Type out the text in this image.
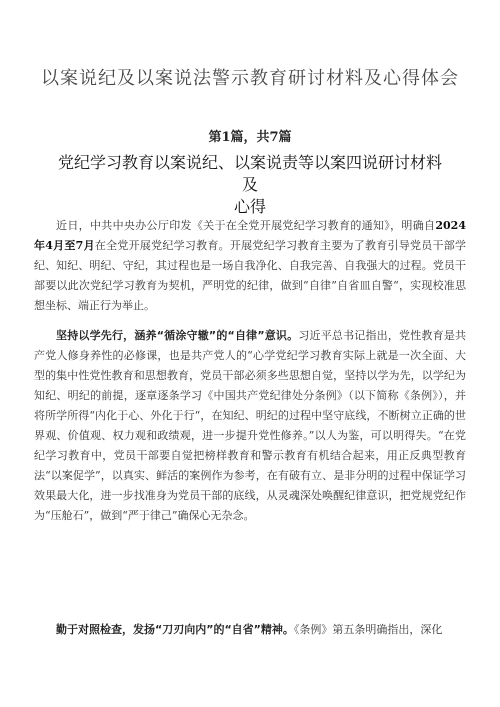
以案说纪及以案说法警示教育研讨材料及心得体会
第1篇，共7篇
党纪学习教育以案说纪、以案说责等以案四说研讨材料及
心得

近日，中共中央办公厅印发《关于在全党开展党纪学习教育的通知》，明确自2024年4月至7月在全党开展党纪学习教育。开展党纪学习教育主要为了教育引导党员干部学纪、知纪、明纪、守纪，其过程也是一场自我净化、自我完善、自我强大的过程。党员干部要以此次党纪学习教育为契机，严明党的纪律，做到“自律”自省皿自警“，实现校准思想坐标、端正行为举止。

坚持以学先行，涵养“循涂守辙”的“自律”意识。习近平总书记指出，党性教育是共产党人修身养性的必修课，也是共产党人的“心学党纪学习教育实际上就是一次全面、大型的集中性党性教育和思想教育，党员干部必须多些思想自觉，坚持以学为先，以学纪为知纪、明纪的前提，逐章逐条学习《中国共产党纪律处分条例》（以下简称《条例》），并将所学所得“内化于心、外化于行“，在知纪、明纪的过程中坚守底线，不断树立正确的世界观、价值观、权力观和政绩观，进一步提升党性修养。”以人为鉴，可以明得失。“在党纪学习教育中，党员干部要自觉把榜样教育和警示教育有机结合起来，用正反典型教育法“以案促学”，以真实、鲜活的案例作为参考，在有破有立、是非分明的过程中保证学习效果最大化，进一步找准身为党员干部的底线，从灵魂深处唤醒纪律意识，把党规党纪作为“压舱石”，做到“严于律己”确保心无杂念。

勤于对照检查，发扬“刀刃向内”的“自省”精神。《条例》第五条明确指出，深化
